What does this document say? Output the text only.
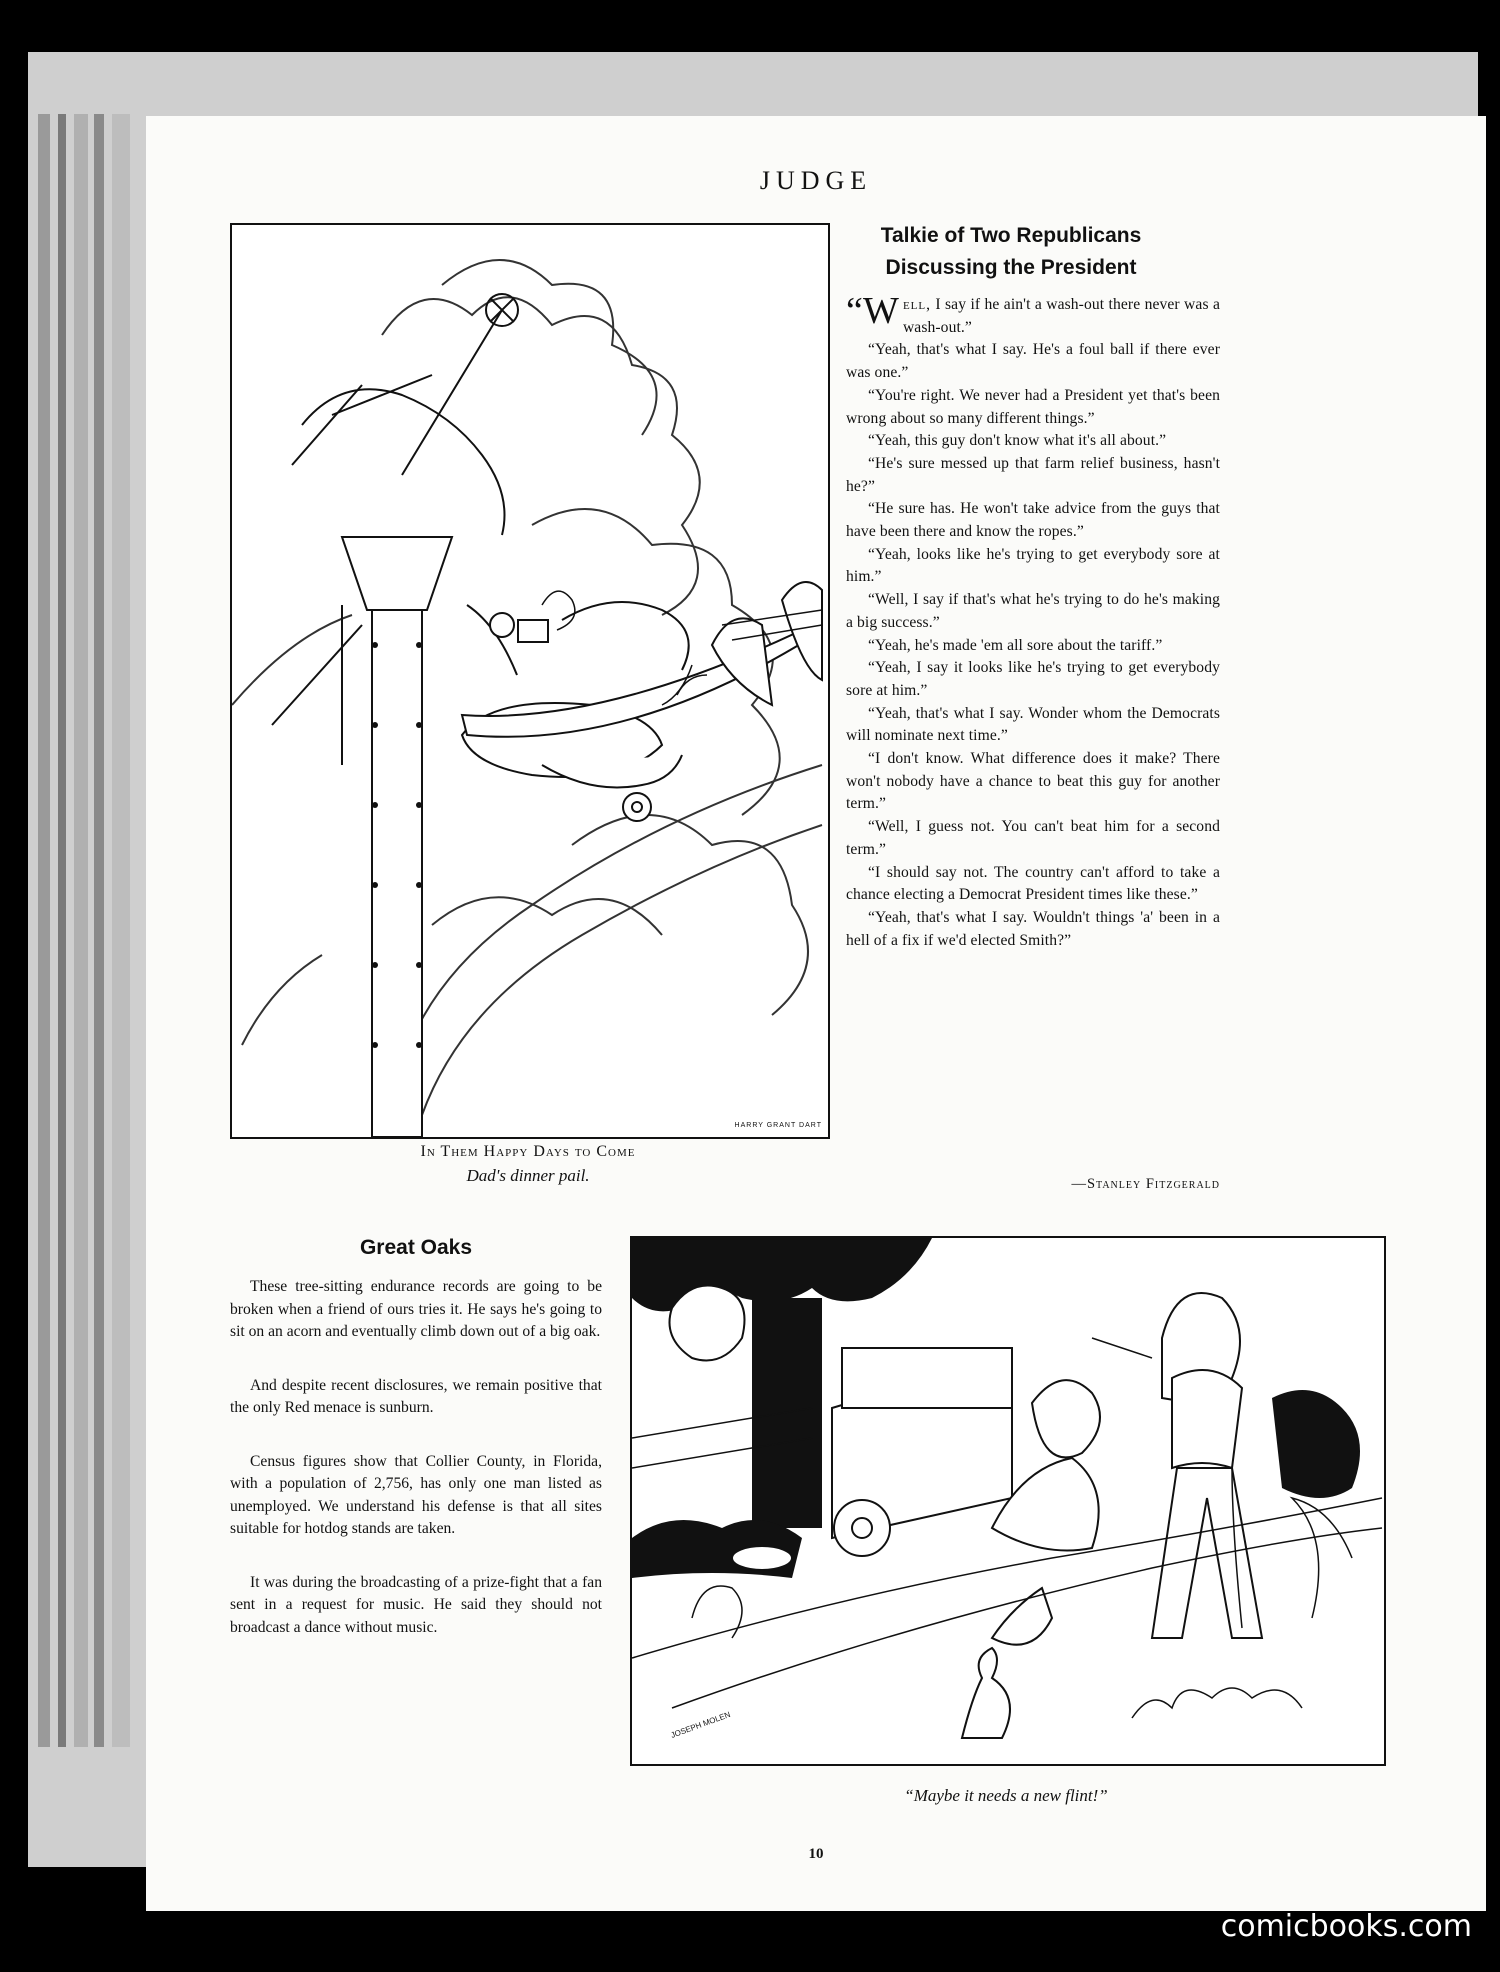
JUDGE
HARRY GRANT DART
In Them Happy Days to Come
Dad's dinner pail.
Talkie of Two Republicans
Discussing the President

“Well, I say if he ain't a wash-out there never was a wash-out.”

“Yeah, that's what I say. He's a foul ball if there ever was one.”

“You're right. We never had a President yet that's been wrong about so many different things.”

“Yeah, this guy don't know what it's all about.”

“He's sure messed up that farm relief business, hasn't he?”

“He sure has. He won't take advice from the guys that have been there and know the ropes.”

“Yeah, looks like he's trying to get everybody sore at him.”

“Well, I say if that's what he's trying to do he's making a big success.”

“Yeah, he's made 'em all sore about the tariff.”

“Yeah, I say it looks like he's trying to get everybody sore at him.”

“Yeah, that's what I say. Wonder whom the Democrats will nominate next time.”

“I don't know. What difference does it make? There won't nobody have a chance to beat this guy for another term.”

“Well, I guess not. You can't beat him for a second term.”

“I should say not. The country can't afford to take a chance electing a Democrat President times like these.”

“Yeah, that's what I say. Wouldn't things 'a' been in a hell of a fix if we'd elected Smith?”

—Stanley Fitzgerald
Great Oaks

These tree-sitting endurance records are going to be broken when a friend of ours tries it. He says he's going to sit on an acorn and eventually climb down out of a big oak.

And despite recent disclosures, we remain positive that the only Red menace is sunburn.

Census figures show that Collier County, in Florida, with a population of 2,756, has only one man listed as unemployed. We understand his defense is that all sites suitable for hotdog stands are taken.

It was during the broadcasting of a prize-fight that a fan sent in a request for music. He said they should not broadcast a dance without music.

JOSEPH MOLEN
“Maybe it needs a new flint!”
10
comicbooks.com
